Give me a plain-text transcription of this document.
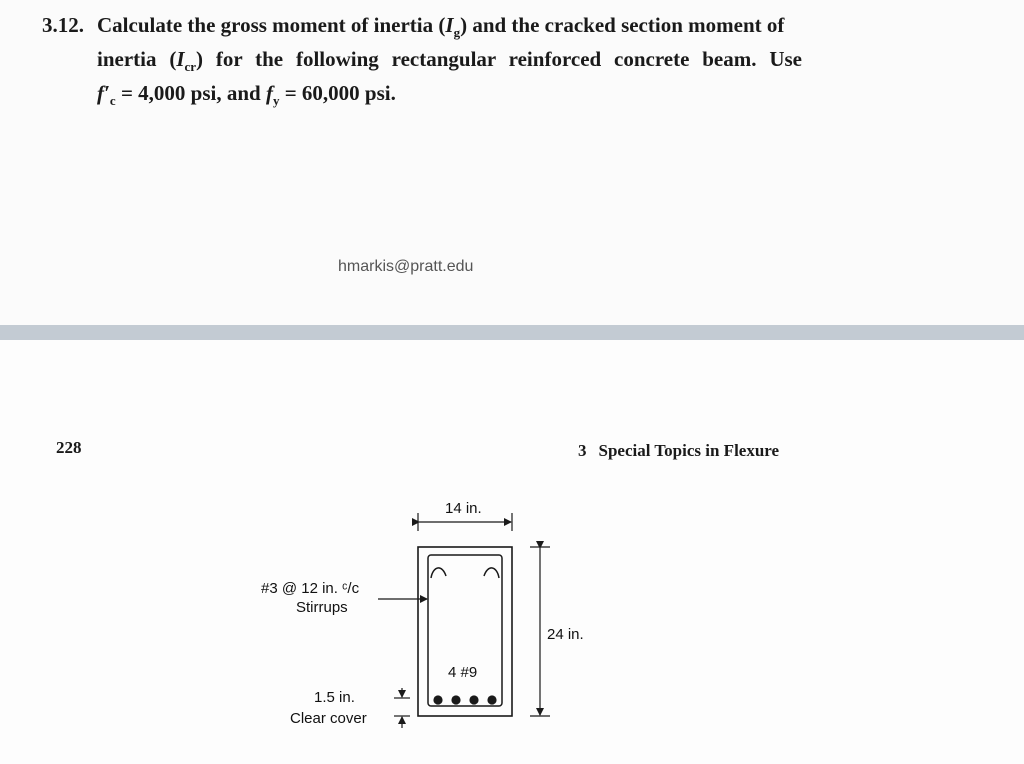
3.12. Calculate the gross moment of inertia $(I_g)$ and the cracked section moment of
inertia $(I_{cr})$ for the following rectangular reinforced concrete beam. Use
$f'_c = 4,000$ psi, and $f_y = 60,000$ psi.
hmarkis@pratt.edu
228	3 Special Topics in Flexure
14 in.
24 in.
#3 @ 12 in. ᶜ/c
Stirrups
4 #9
1.5 in.
Clear cover
